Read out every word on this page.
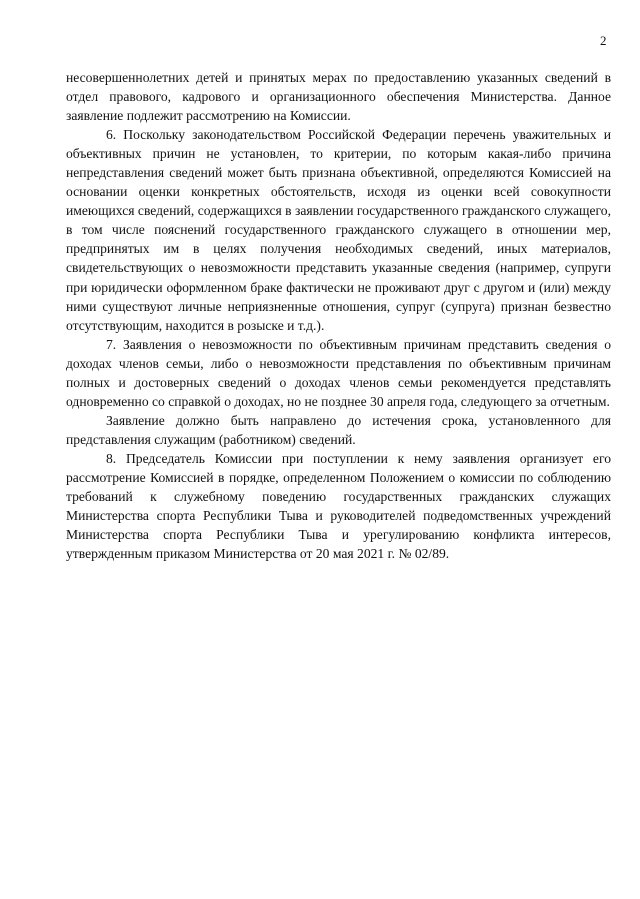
2

несовершеннолетних детей и принятых мерах по предоставлению указанных сведений в отдел правового, кадрового и организационного обеспечения Министерства. Данное заявление подлежит рассмотрению на Комиссии.

6. Поскольку законодательством Российской Федерации перечень уважительных и объективных причин не установлен, то критерии, по которым какая-либо причина непредставления сведений может быть признана объективной, определяются Комиссией на основании оценки конкретных обстоятельств, исходя из оценки всей совокупности имеющихся сведений, содержащихся в заявлении государственного гражданского служащего, в том числе пояснений государственного гражданского служащего в отношении мер, предпринятых им в целях получения необходимых сведений, иных материалов, свидетельствующих о невозможности представить указанные сведения (например, супруги при юридически оформленном браке фактически не проживают друг с другом и (или) между ними существуют личные неприязненные отношения, супруг (супруга) признан безвестно отсутствующим, находится в розыске и т.д.).

7. Заявления о невозможности по объективным причинам представить сведения о доходах членов семьи, либо о невозможности представления по объективным причинам полных и достоверных сведений о доходах членов семьи рекомендуется представлять одновременно со справкой о доходах, но не позднее 30 апреля года, следующего за отчетным.

Заявление должно быть направлено до истечения срока, установленного для представления служащим (работником) сведений.

8. Председатель Комиссии при поступлении к нему заявления организует его рассмотрение Комиссией в порядке, определенном Положением о комиссии по соблюдению требований к служебному поведению государственных гражданских служащих Министерства спорта Республики Тыва и руководителей подведомственных учреждений Министерства спорта Республики Тыва и урегулированию конфликта интересов, утвержденным приказом Министерства от 20 мая 2021 г. № 02/89.
